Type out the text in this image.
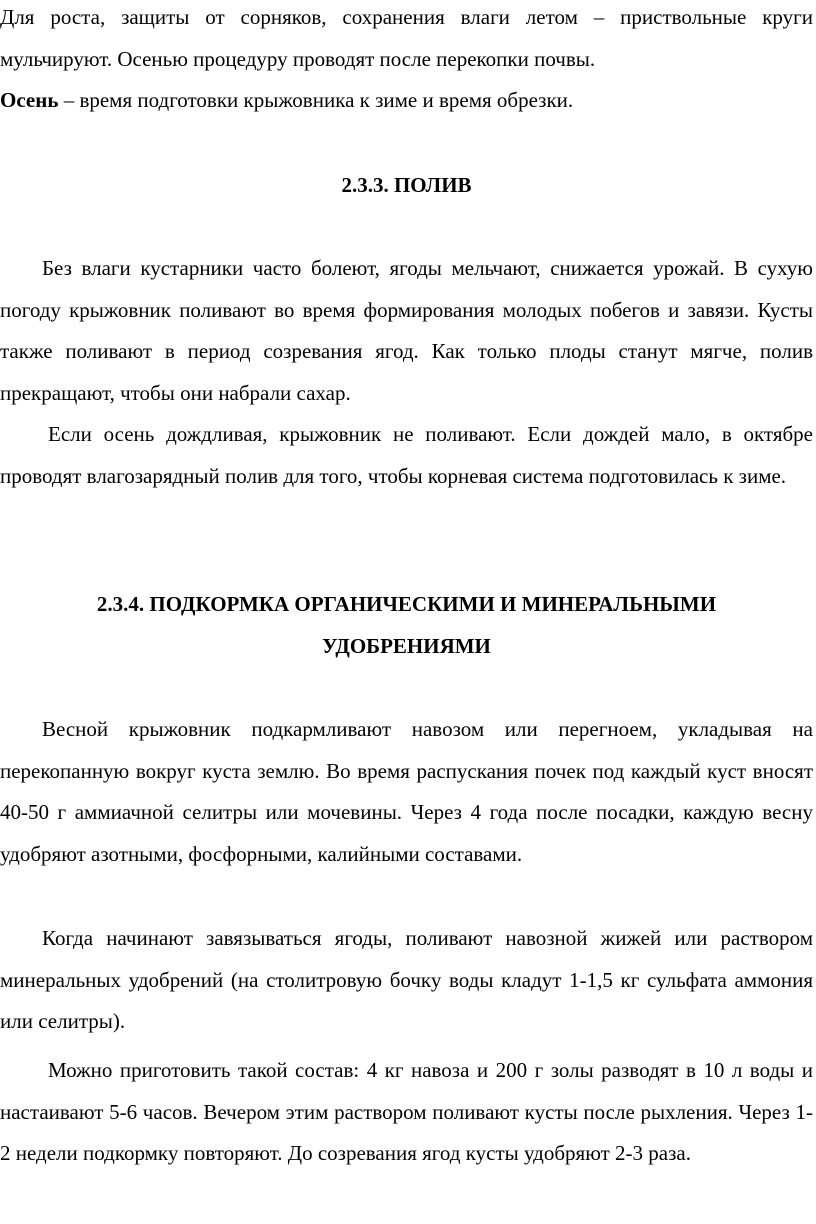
Для роста, защиты от сорняков, сохранения влаги летом – приствольные круги мульчируют. Осенью процедуру проводят после перекопки почвы.
Осень – время подготовки крыжовника к зиме и время обрезки.

2.3.3. ПОЛИВ

Без влаги кустарники часто болеют, ягоды мельчают, снижается урожай. В сухую погоду крыжовник поливают во время формирования молодых побегов и завязи. Кусты также поливают в период созревания ягод. Как только плоды станут мягче, полив прекращают, чтобы они набрали сахар.

Если осень дождливая, крыжовник не поливают. Если дождей мало, в октябре проводят влагозарядный полив для того, чтобы корневая система подготовилась к зиме.

2.3.4. ПОДКОРМКА ОРГАНИЧЕСКИМИ И МИНЕРАЛЬНЫМИ
УДОБРЕНИЯМИ

Весной крыжовник подкармливают навозом или перегноем, укладывая на перекопанную вокруг куста землю. Во время распускания почек под каждый куст вносят 40-50 г аммиачной селитры или мочевины. Через 4 года после посадки, каждую весну удобряют азотными, фосфорными, калийными составами.

Когда начинают завязываться ягоды, поливают навозной жижей или раствором минеральных удобрений (на столитровую бочку воды кладут 1-1,5 кг сульфата аммония или селитры).

Можно приготовить такой состав: 4 кг навоза и 200 г золы разводят в 10 л воды и настаивают 5-6 часов. Вечером этим раствором поливают кусты после рыхления. Через 1-2 недели подкормку повторяют. До созревания ягод кусты удобряют 2-3 раза.
